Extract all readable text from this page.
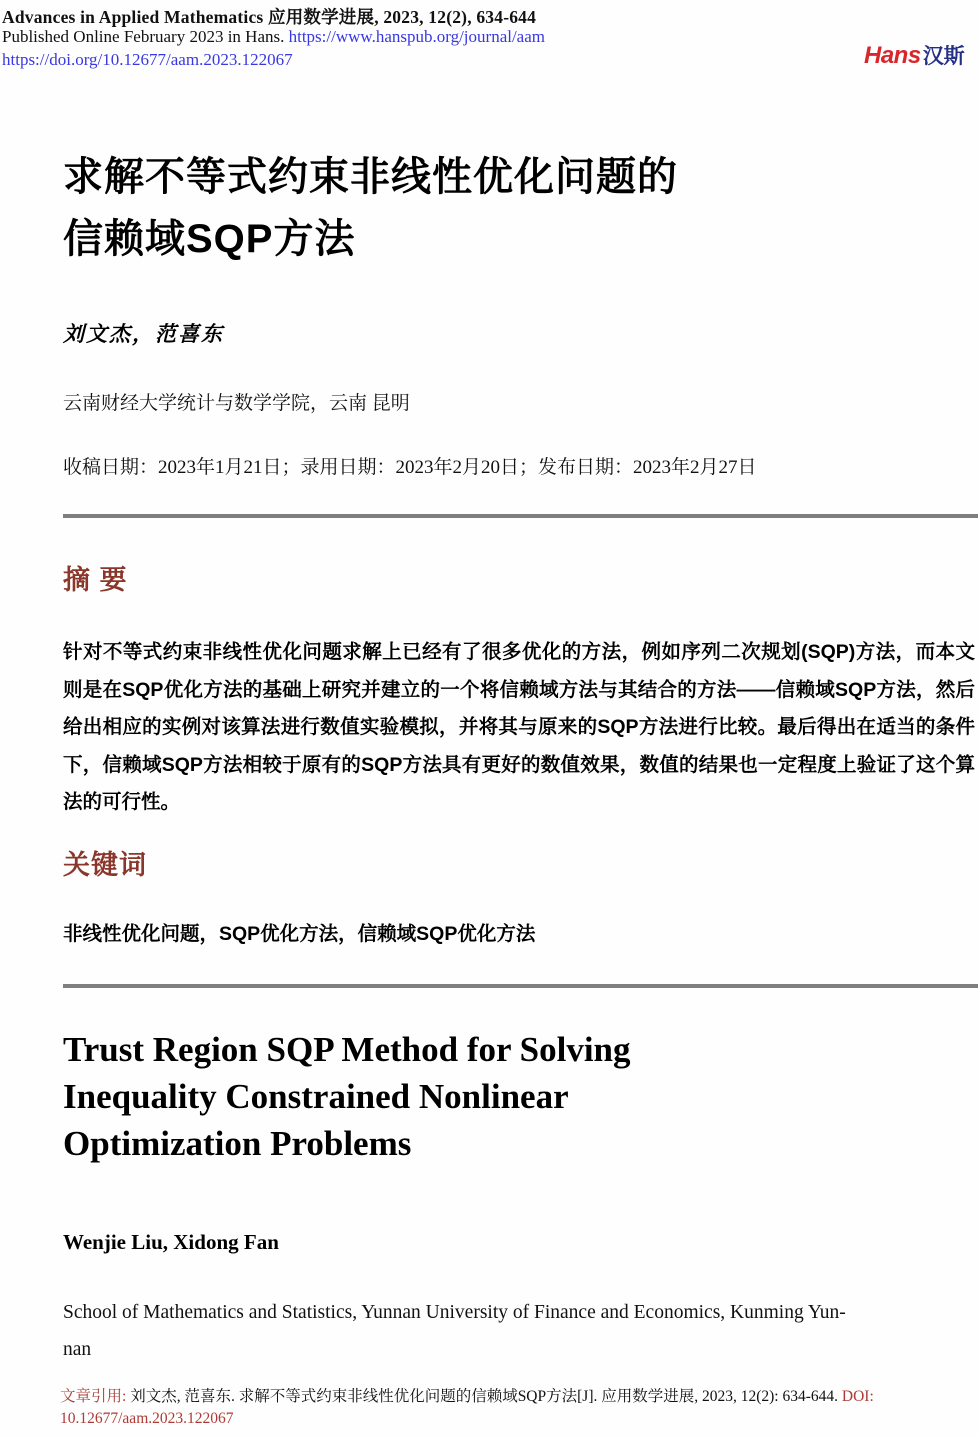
Advances in Applied Mathematics 应用数学进展, 2023, 12(2), 634-644
Published Online February 2023 in Hans. https://www.hanspub.org/journal/aam
https://doi.org/10.12677/aam.2023.122067	Hans汉斯
求解不等式约束非线性优化问题的
信赖域SQP方法
刘文杰，范喜东
云南财经大学统计与数学学院，云南 昆明
收稿日期：2023年1月21日；录用日期：2023年2月20日；发布日期：2023年2月27日
摘 要
针对不等式约束非线性优化问题求解上已经有了很多优化的方法，例如序列二次规划(SQP)方法，而本文则是在SQP优化方法的基础上研究并建立的一个将信赖域方法与其结合的方法——信赖域SQP方法，然后给出相应的实例对该算法进行数值实验模拟，并将其与原来的SQP方法进行比较。最后得出在适当的条件下，信赖域SQP方法相较于原有的SQP方法具有更好的数值效果，数值的结果也一定程度上验证了这个算法的可行性。
关键词
非线性优化问题，SQP优化方法，信赖域SQP优化方法
Trust Region SQP Method for Solving
Inequality Constrained Nonlinear
Optimization Problems
Wenjie Liu, Xidong Fan
School of Mathematics and Statistics, Yunnan University of Finance and Economics, Kunming Yun-
nan
文章引用: 刘文杰, 范喜东. 求解不等式约束非线性优化问题的信赖域SQP方法[J]. 应用数学进展, 2023, 12(2): 634-644. DOI: 10.12677/aam.2023.122067
